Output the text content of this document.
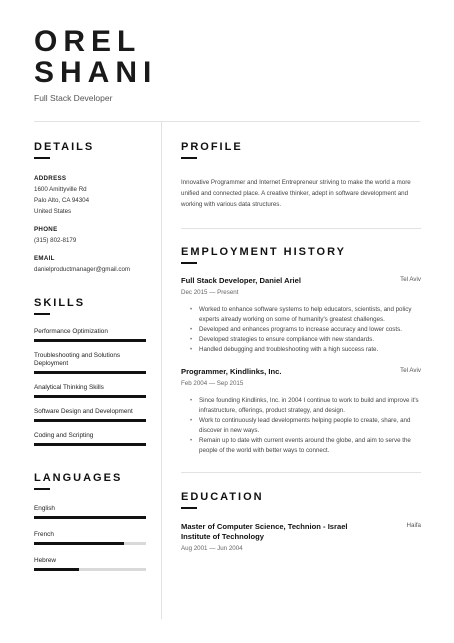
OREL
SHANI
Full Stack Developer
DETAILS

ADDRESS

1600 Amittyville Rd

Palo Alto, CA 94304

United States

PHONE

(315) 802-8179

EMAIL

danielproductmanager@gmail.com

SKILLS
Performance Optimization
Troubleshooting and Solutions Deployment
Analytical Thinking Skills
Software Design and Development
Coding and Scripting
LANGUAGES
English
French
Hebrew
PROFILE

Innovative Programmer and Internet Entrepreneur striving to make the world a more unified and connected place. A creative thinker, adept in software development and working with various data structures.

EMPLOYMENT HISTORY
Full Stack Developer, Daniel Ariel	Tel Aviv
Dec 2015 — Present
• Worked to enhance software systems to help educators, scientists, and policy experts already working on some of humanity's greatest challenges.
• Developed and enhances programs to increase accuracy and lower costs.
• Developed strategies to ensure compliance with new standards.
• Handled debugging and troubleshooting with a high success rate.
Programmer, Kindlinks, Inc.	Tel Aviv
Feb 2004 — Sep 2015
• Since founding Kindlinks, Inc. in 2004 I continue to work to build and improve it's infrastructure, offerings, product strategy, and design.
• Work to continuously lead developments helping people to create, share, and discover in new ways.
• Remain up to date with current events around the globe, and aim to serve the people of the world with better ways to connect.
EDUCATION
Master of Computer Science, Technion - Israel Institute of Technology
Haifa
Aug 2001 — Jun 2004
